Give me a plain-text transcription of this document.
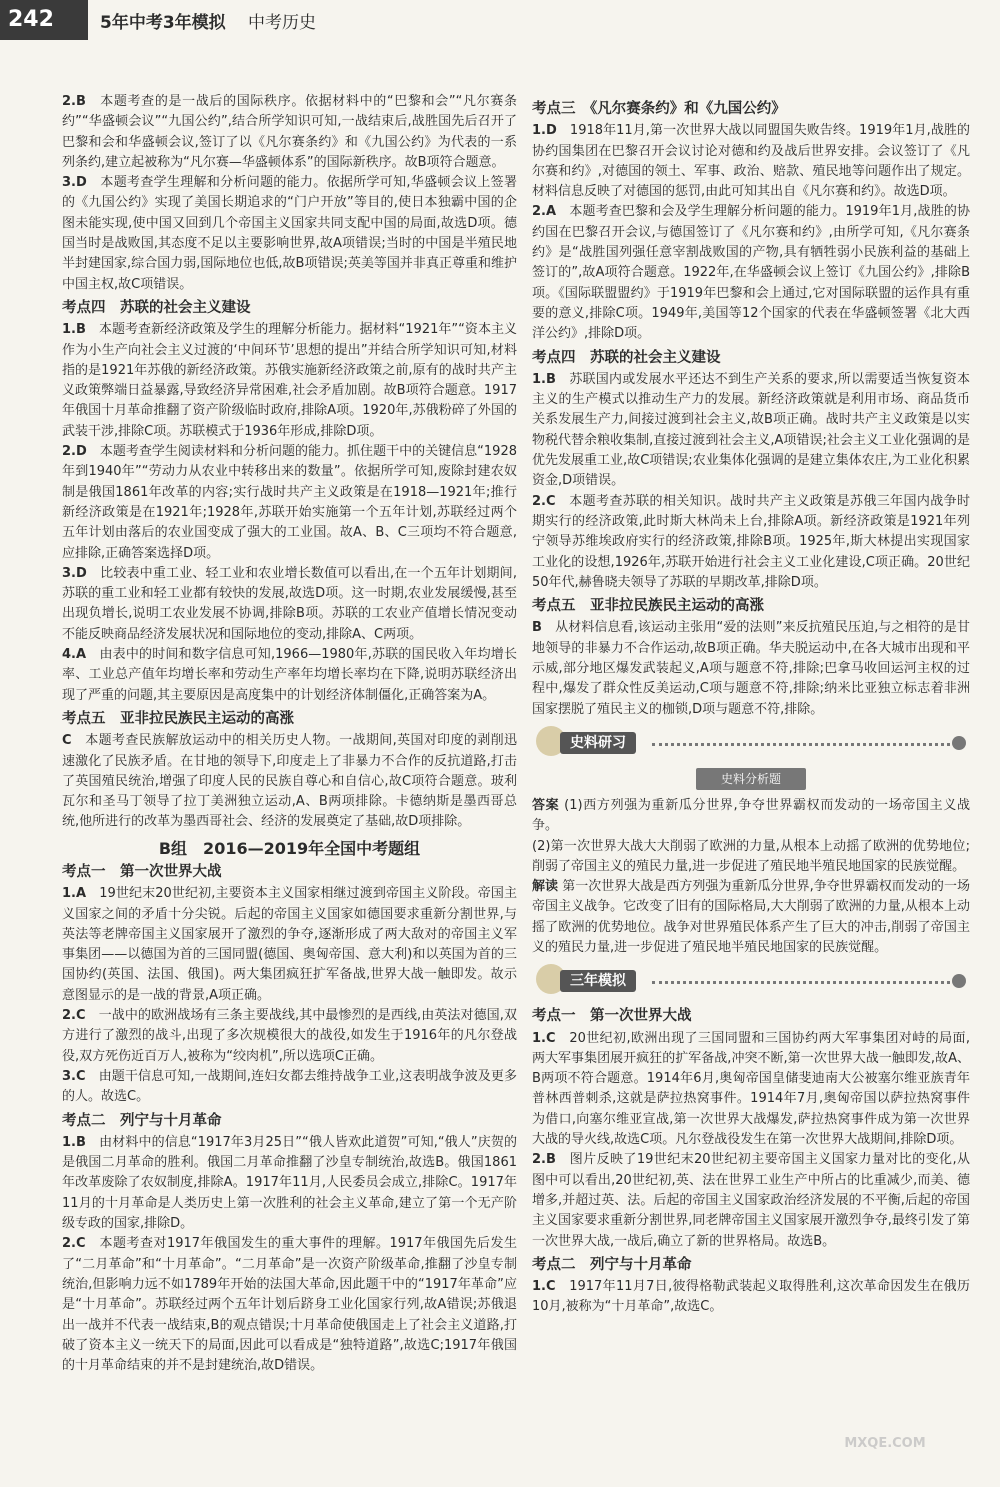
242	5年中考3年模拟 中考历史
2.B　 本题考查的是一战后的国际秩序。依据材料中的“巴黎和会”“凡尔赛条约”“华盛顿会议”“九国公约”,结合所学知识可知,一战结束后,战胜国先后召开了巴黎和会和华盛顿会议,签订了以《凡尔赛条约》和《九国公约》为代表的一系列条约,建立起被称为“凡尔赛—华盛顿体系”的国际新秩序。故B项符合题意。
3.D　 本题考查学生理解和分析问题的能力。依据所学可知,华盛顿会议上签署的《九国公约》实现了美国长期追求的“门户开放”等目的,使日本独霸中国的企图未能实现,使中国又回到几个帝国主义国家共同支配中国的局面,故选D项。德国当时是战败国,其态度不足以主要影响世界,故A项错误;当时的中国是半殖民地半封建国家,综合国力弱,国际地位也低,故B项错误;英美等国并非真正尊重和维护中国主权,故C项错误。
考点四　苏联的社会主义建设
1.B　 本题考查新经济政策及学生的理解分析能力。据材料“1921年”“资本主义作为小生产向社会主义过渡的‘中间环节’思想的提出”并结合所学知识可知,材料指的是1921年苏俄的新经济政策。苏俄实施新经济政策之前,原有的战时共产主义政策弊端日益暴露,导致经济异常困难,社会矛盾加剧。故B项符合题意。1917年俄国十月革命推翻了资产阶级临时政府,排除A项。1920年,苏俄粉碎了外国的武装干涉,排除C项。苏联模式于1936年形成,排除D项。
2.D　 本题考查学生阅读材料和分析问题的能力。抓住题干中的关键信息“1928年到1940年”“劳动力从农业中转移出来的数量”。依据所学可知,废除封建农奴制是俄国1861年改革的内容;实行战时共产主义政策是在1918—1921年;推行新经济政策是在1921年;1928年,苏联开始实施第一个五年计划,苏联经过两个五年计划由落后的农业国变成了强大的工业国。故A、B、C三项均不符合题意,应排除,正确答案选择D项。
3.D　 比较表中重工业、轻工业和农业增长数值可以看出,在一个五年计划期间,苏联的重工业和轻工业都有较快的发展,故选D项。这一时期,农业发展缓慢,甚至出现负增长,说明工农业发展不协调,排除B项。苏联的工农业产值增长情况变动不能反映商品经济发展状况和国际地位的变动,排除A、C两项。
4.A　 由表中的时间和数字信息可知,1966—1980年,苏联的国民收入年均增长率、工业总产值年均增长率和劳动生产率年均增长率均在下降,说明苏联经济出现了严重的问题,其主要原因是高度集中的计划经济体制僵化,正确答案为A。
考点五　亚非拉民族民主运动的高涨
C　 本题考查民族解放运动中的相关历史人物。一战期间,英国对印度的剥削迅速激化了民族矛盾。在甘地的领导下,印度走上了非暴力不合作的反抗道路,打击了英国殖民统治,增强了印度人民的民族自尊心和自信心,故C项符合题意。玻利瓦尔和圣马丁领导了拉丁美洲独立运动,A、B两项排除。卡德纳斯是墨西哥总统,他所进行的改革为墨西哥社会、经济的发展奠定了基础,故D项排除。
B组　2016—2019年全国中考题组
考点一　第一次世界大战
1.A　 19世纪末20世纪初,主要资本主义国家相继过渡到帝国主义阶段。帝国主义国家之间的矛盾十分尖锐。后起的帝国主义国家如德国要求重新分割世界,与英法等老牌帝国主义国家展开了激烈的争夺,逐渐形成了两大敌对的帝国主义军事集团——以德国为首的三国同盟(德国、奥匈帝国、意大利)和以英国为首的三国协约(英国、法国、俄国)。两大集团疯狂扩军备战,世界大战一触即发。故示意图显示的是一战的背景,A项正确。
2.C　 一战中的欧洲战场有三条主要战线,其中最惨烈的是西线,由英法对德国,双方进行了激烈的战斗,出现了多次规模很大的战役,如发生于1916年的凡尔登战役,双方死伤近百万人,被称为“绞肉机”,所以选项C正确。
3.C　 由题干信息可知,一战期间,连妇女都去维持战争工业,这表明战争波及更多的人。故选C。
考点二　列宁与十月革命
1.B　 由材料中的信息“1917年3月25日”“俄人皆欢此道贺”可知,“俄人”庆贺的是俄国二月革命的胜利。俄国二月革命推翻了沙皇专制统治,故选B。俄国1861年改革废除了农奴制度,排除A。1917年11月,人民委员会成立,排除C。1917年11月的十月革命是人类历史上第一次胜利的社会主义革命,建立了第一个无产阶级专政的国家,排除D。
2.C　 本题考查对1917年俄国发生的重大事件的理解。1917年俄国先后发生了“二月革命”和“十月革命”。“二月革命”是一次资产阶级革命,推翻了沙皇专制统治,但影响力远不如1789年开始的法国大革命,因此题干中的“1917年革命”应是“十月革命”。苏联经过两个五年计划后跻身工业化国家行列,故A错误;苏俄退出一战并不代表一战结束,B的观点错误;十月革命使俄国走上了社会主义道路,打破了资本主义一统天下的局面,因此可以看成是“独特道路”,故选C;1917年俄国的十月革命结束的并不是封建统治,故D错误。
考点三　《凡尔赛条约》和《九国公约》
1.D　 1918年11月,第一次世界大战以同盟国失败告终。1919年1月,战胜的协约国集团在巴黎召开会议讨论对德和约及战后世界安排。会议签订了《凡尔赛和约》,对德国的领土、军事、政治、赔款、殖民地等问题作出了规定。材料信息反映了对德国的惩罚,由此可知其出自《凡尔赛和约》。故选D项。
2.A　 本题考查巴黎和会及学生理解分析问题的能力。1919年1月,战胜的协约国在巴黎召开会议,与德国签订了《凡尔赛和约》,由所学可知,《凡尔赛条约》是“战胜国列强任意宰割战败国的产物,具有牺牲弱小民族利益的基础上签订的”,故A项符合题意。1922年,在华盛顿会议上签订《九国公约》,排除B项。《国际联盟盟约》于1919年巴黎和会上通过,它对国际联盟的运作具有重要的意义,排除C项。1949年,美国等12个国家的代表在华盛顿签署《北大西洋公约》,排除D项。
考点四　苏联的社会主义建设
1.B　 苏联国内或发展水平还达不到生产关系的要求,所以需要适当恢复资本主义的生产模式以推动生产力的发展。新经济政策就是利用市场、商品货币关系发展生产力,间接过渡到社会主义,故B项正确。战时共产主义政策是以实物税代替余粮收集制,直接过渡到社会主义,A项错误;社会主义工业化强调的是优先发展重工业,故C项错误;农业集体化强调的是建立集体农庄,为工业化积累资金,D项错误。
2.C　 本题考查苏联的相关知识。战时共产主义政策是苏俄三年国内战争时期实行的经济政策,此时斯大林尚未上台,排除A项。新经济政策是1921年列宁领导苏维埃政府实行的经济政策,排除B项。1925年,斯大林提出实现国家工业化的设想,1926年,苏联开始进行社会主义工业化建设,C项正确。20世纪50年代,赫鲁晓夫领导了苏联的早期改革,排除D项。
考点五　亚非拉民族民主运动的高涨
B　 从材料信息看,该运动主张用“爱的法则”来反抗殖民压迫,与之相符的是甘地领导的非暴力不合作运动,故B项正确。华夫脱运动中,在各大城市出现和平示威,部分地区爆发武装起义,A项与题意不符,排除;巴拿马收回运河主权的过程中,爆发了群众性反美运动,C项与题意不符,排除;纳米比亚独立标志着非洲国家摆脱了殖民主义的枷锁,D项与题意不符,排除。
史料研习
史料分析题
答案 (1)西方列强为重新瓜分世界,争夺世界霸权而发动的一场帝国主义战争。
(2)第一次世界大战大大削弱了欧洲的力量,从根本上动摇了欧洲的优势地位;削弱了帝国主义的殖民力量,进一步促进了殖民地半殖民地国家的民族觉醒。
解读 第一次世界大战是西方列强为重新瓜分世界,争夺世界霸权而发动的一场帝国主义战争。它改变了旧有的国际格局,大大削弱了欧洲的力量,从根本上动摇了欧洲的优势地位。战争对世界殖民体系产生了巨大的冲击,削弱了帝国主义的殖民力量,进一步促进了殖民地半殖民地国家的民族觉醒。
三年模拟
考点一　第一次世界大战
1.C　 20世纪初,欧洲出现了三国同盟和三国协约两大军事集团对峙的局面,两大军事集团展开疯狂的扩军备战,冲突不断,第一次世界大战一触即发,故A、B两项不符合题意。1914年6月,奥匈帝国皇储斐迪南大公被塞尔维亚族青年普林西普刺杀,这就是萨拉热窝事件。1914年7月,奥匈帝国以萨拉热窝事件为借口,向塞尔维亚宣战,第一次世界大战爆发,萨拉热窝事件成为第一次世界大战的导火线,故选C项。凡尔登战役发生在第一次世界大战期间,排除D项。
2.B　 图片反映了19世纪末20世纪初主要帝国主义国家力量对比的变化,从图中可以看出,20世纪初,英、法在世界工业生产中所占的比重减少,而美、德增多,并超过英、法。后起的帝国主义国家政治经济发展的不平衡,后起的帝国主义国家要求重新分割世界,同老牌帝国主义国家展开激烈争夺,最终引发了第一次世界大战,一战后,确立了新的世界格局。故选B。
考点二　列宁与十月革命
1.C　 1917年11月7日,彼得格勒武装起义取得胜利,这次革命因发生在俄历10月,被称为“十月革命”,故选C。
MXQE.COM
